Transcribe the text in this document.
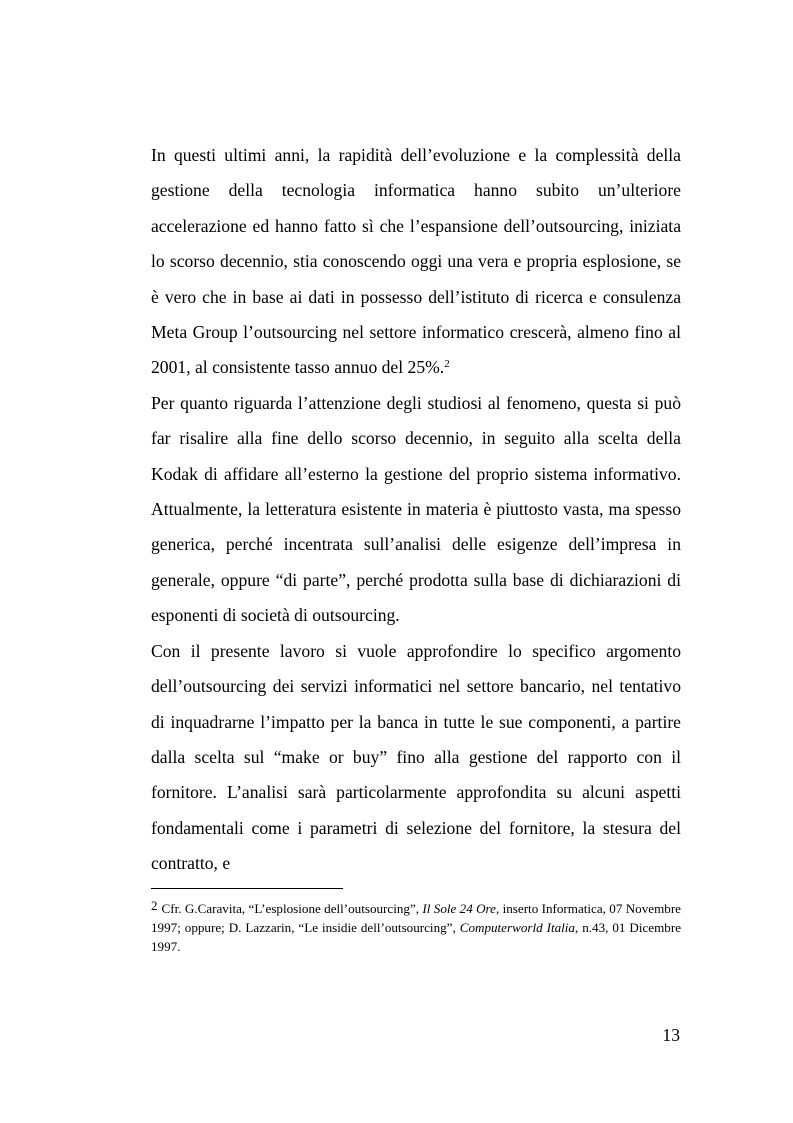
In questi ultimi anni, la rapidità dell’evoluzione e la complessità della gestione della tecnologia informatica hanno subito un’ulteriore accelerazione ed hanno fatto sì che l’espansione dell’outsourcing, iniziata lo scorso decennio, stia conoscendo oggi una vera e propria esplosione, se è vero che in base ai dati in possesso dell’istituto di ricerca e consulenza Meta Group l’outsourcing nel settore informatico crescerà, almeno fino al 2001, al consistente tasso annuo del 25%.$^2$

Per quanto riguarda l’attenzione degli studiosi al fenomeno, questa si può far risalire alla fine dello scorso decennio, in seguito alla scelta della Kodak di affidare all’esterno la gestione del proprio sistema informativo. Attualmente, la letteratura esistente in materia è piuttosto vasta, ma spesso generica, perché incentrata sull’analisi delle esigenze dell’impresa in generale, oppure “di parte”, perché prodotta sulla base di dichiarazioni di esponenti di società di outsourcing.

Con il presente lavoro si vuole approfondire lo specifico argomento dell’outsourcing dei servizi informatici nel settore bancario, nel tentativo di inquadrarne l’impatto per la banca in tutte le sue componenti, a partire dalla scelta sul “make or buy” fino alla gestione del rapporto con il fornitore. L’analisi sarà particolarmente approfondita su alcuni aspetti fondamentali come i parametri di selezione del fornitore, la stesura del contratto, e

2 Cfr. G.Caravita, “L’esplosione dell’outsourcing”, Il Sole 24 Ore, inserto Informatica, 07 Novembre 1997; oppure; D. Lazzarin, “Le insidie dell’outsourcing”, Computerworld Italia, n.43, 01 Dicembre 1997.
13
